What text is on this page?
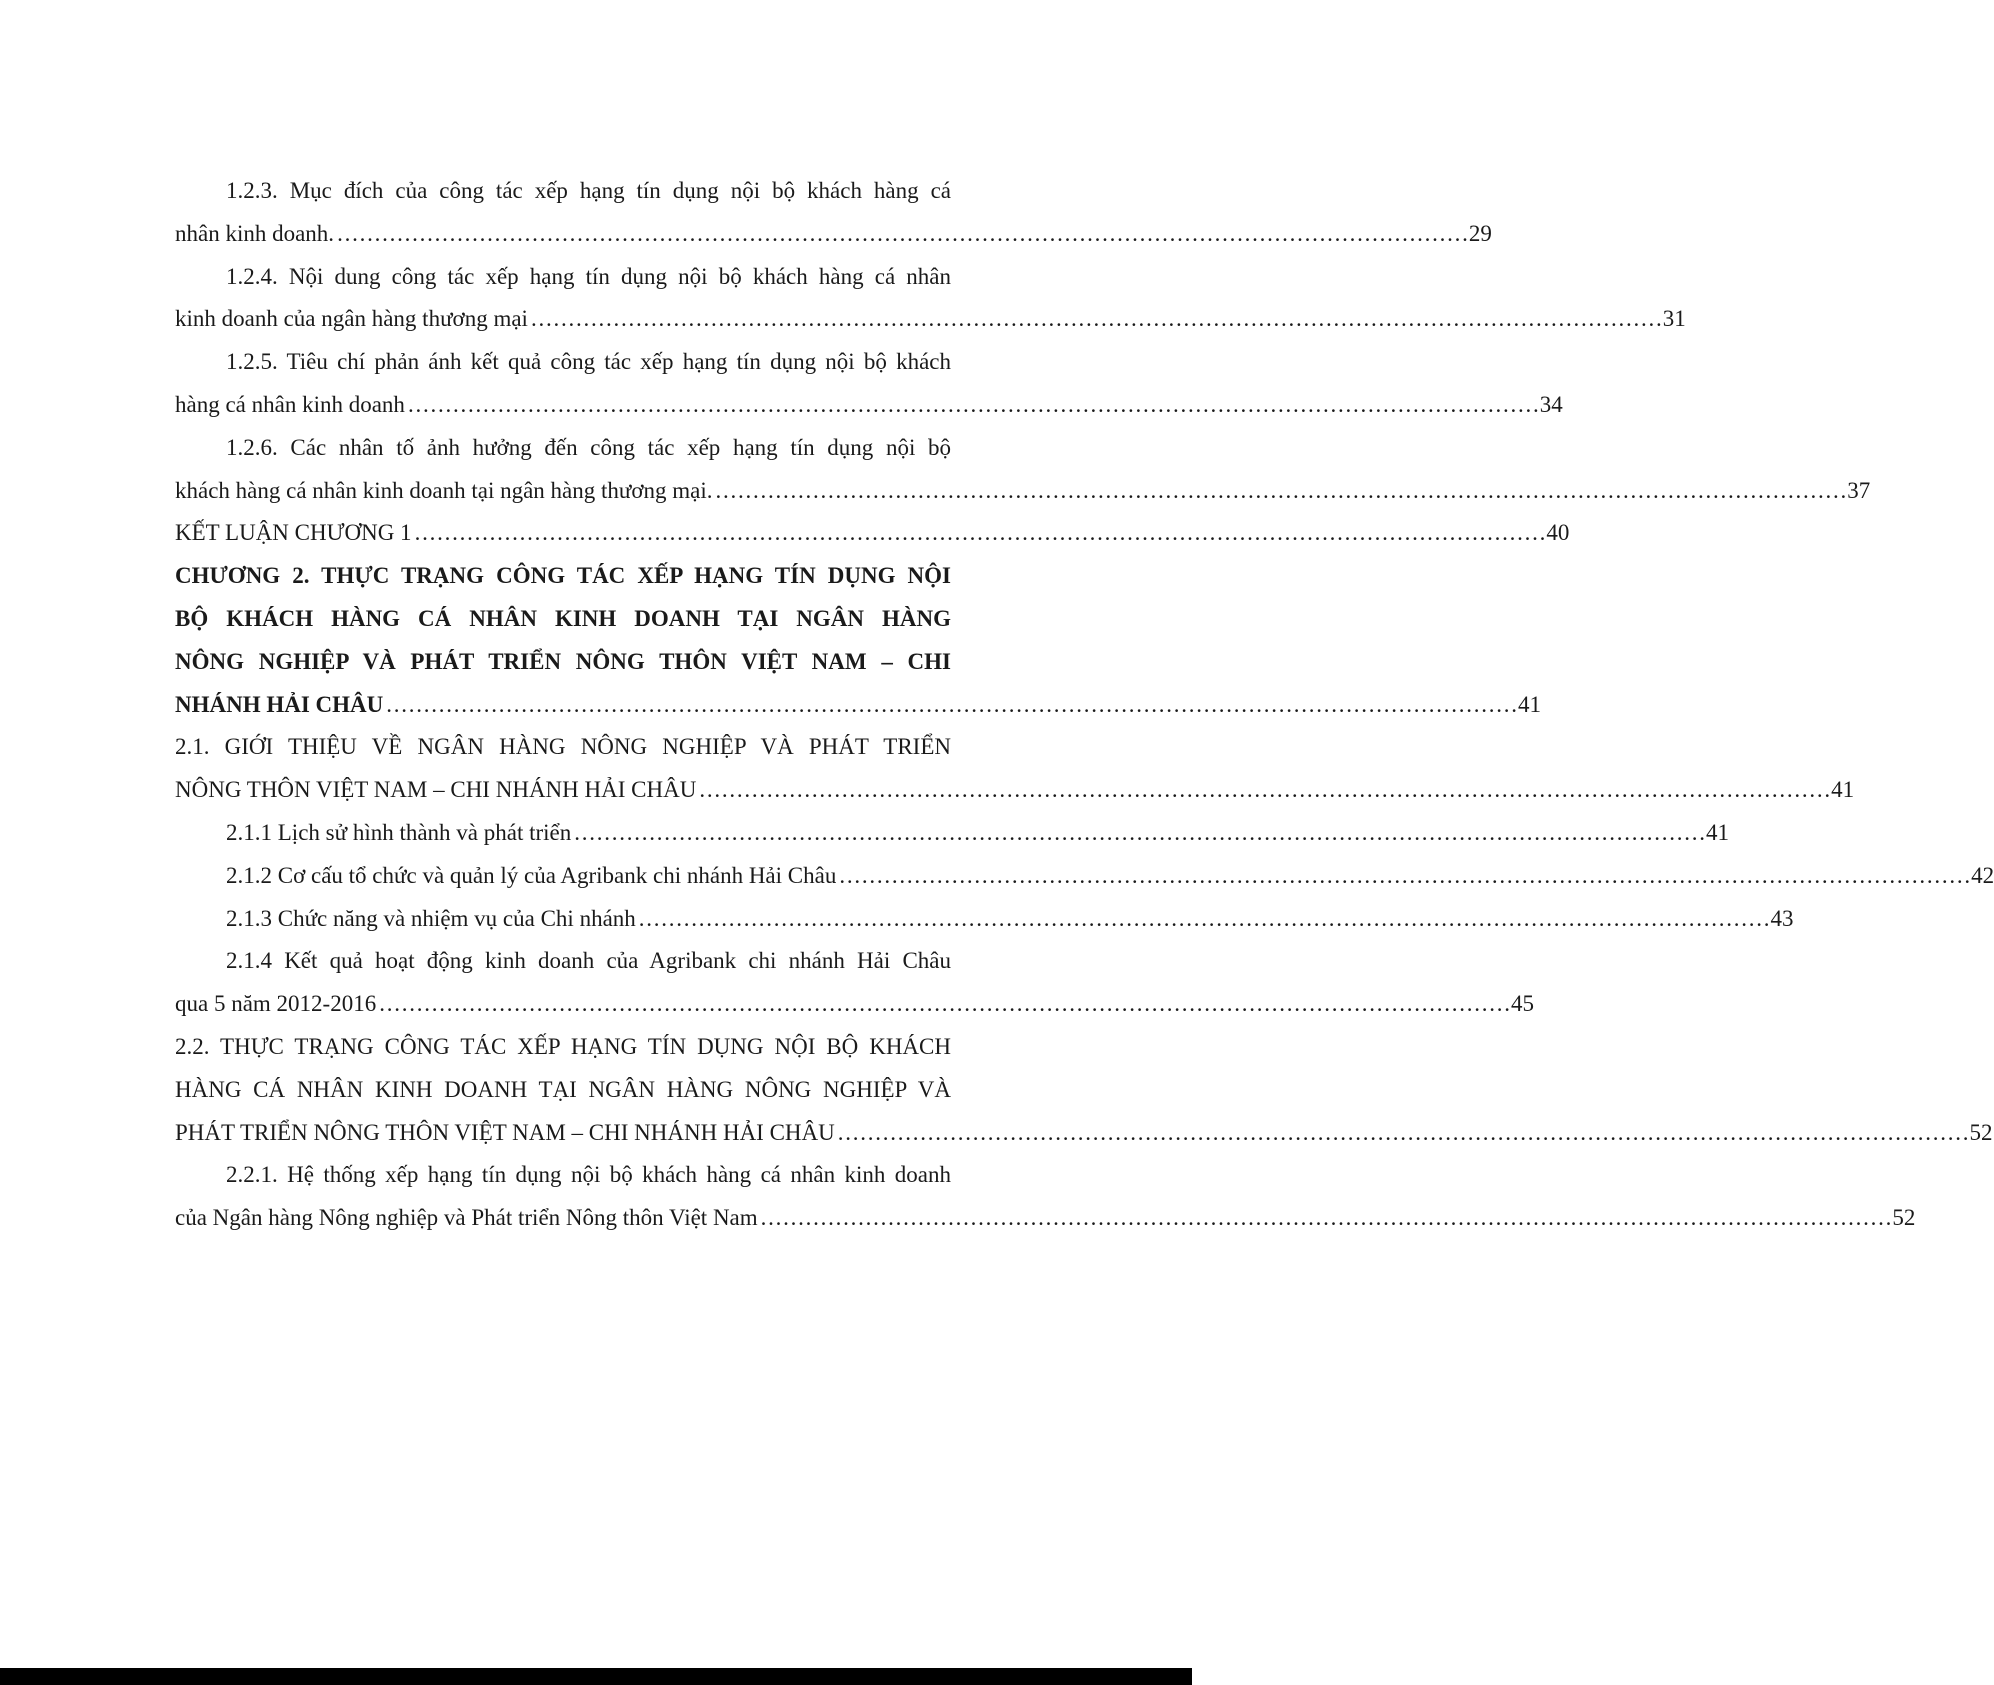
1.2.3. Mục đích của công tác xếp hạng tín dụng nội bộ khách hàng cá
nhân kinh doanh. . . .	29
1.2.4. Nội dung công tác xếp hạng tín dụng nội bộ khách hàng cá nhân
kinh doanh của ngân hàng thương mại . . .	31
1.2.5. Tiêu chí phản ánh kết quả công tác xếp hạng tín dụng nội bộ khách
hàng cá nhân kinh doanh . . .	34
1.2.6. Các nhân tố ảnh hưởng đến công tác xếp hạng tín dụng nội bộ
khách hàng cá nhân kinh doanh tại ngân hàng thương mại. . . .	37
KẾT LUẬN CHƯƠNG 1 . . .	40
CHƯƠNG 2. THỰC TRẠNG CÔNG TÁC XẾP HẠNG TÍN DỤNG NỘI
BỘ KHÁCH HÀNG CÁ NHÂN KINH DOANH TẠI NGÂN HÀNG
NÔNG NGHIỆP VÀ PHÁT TRIỂN NÔNG THÔN VIỆT NAM – CHI
NHÁNH HẢI CHÂU . . .	41
2.1. GIỚI THIỆU VỀ NGÂN HÀNG NÔNG NGHIỆP VÀ PHÁT TRIỂN
NÔNG THÔN VIỆT NAM – CHI NHÁNH HẢI CHÂU . . .	41
2.1.1 Lịch sử hình thành và phát triển . . .	41
2.1.2 Cơ cấu tổ chức và quản lý của Agribank chi nhánh Hải Châu . . .	42
2.1.3 Chức năng và nhiệm vụ của Chi nhánh . . .	43
2.1.4 Kết quả hoạt động kinh doanh của Agribank chi nhánh Hải Châu
qua 5 năm 2012-2016 . . .	45
2.2. THỰC TRẠNG CÔNG TÁC XẾP HẠNG TÍN DỤNG NỘI BỘ KHÁCH
HÀNG CÁ NHÂN KINH DOANH TẠI NGÂN HÀNG NÔNG NGHIỆP VÀ
PHÁT TRIỂN NÔNG THÔN VIỆT NAM – CHI NHÁNH HẢI CHÂU . . .	52
2.2.1. Hệ thống xếp hạng tín dụng nội bộ khách hàng cá nhân kinh doanh
của Ngân hàng Nông nghiệp và Phát triển Nông thôn Việt Nam . . .	52
